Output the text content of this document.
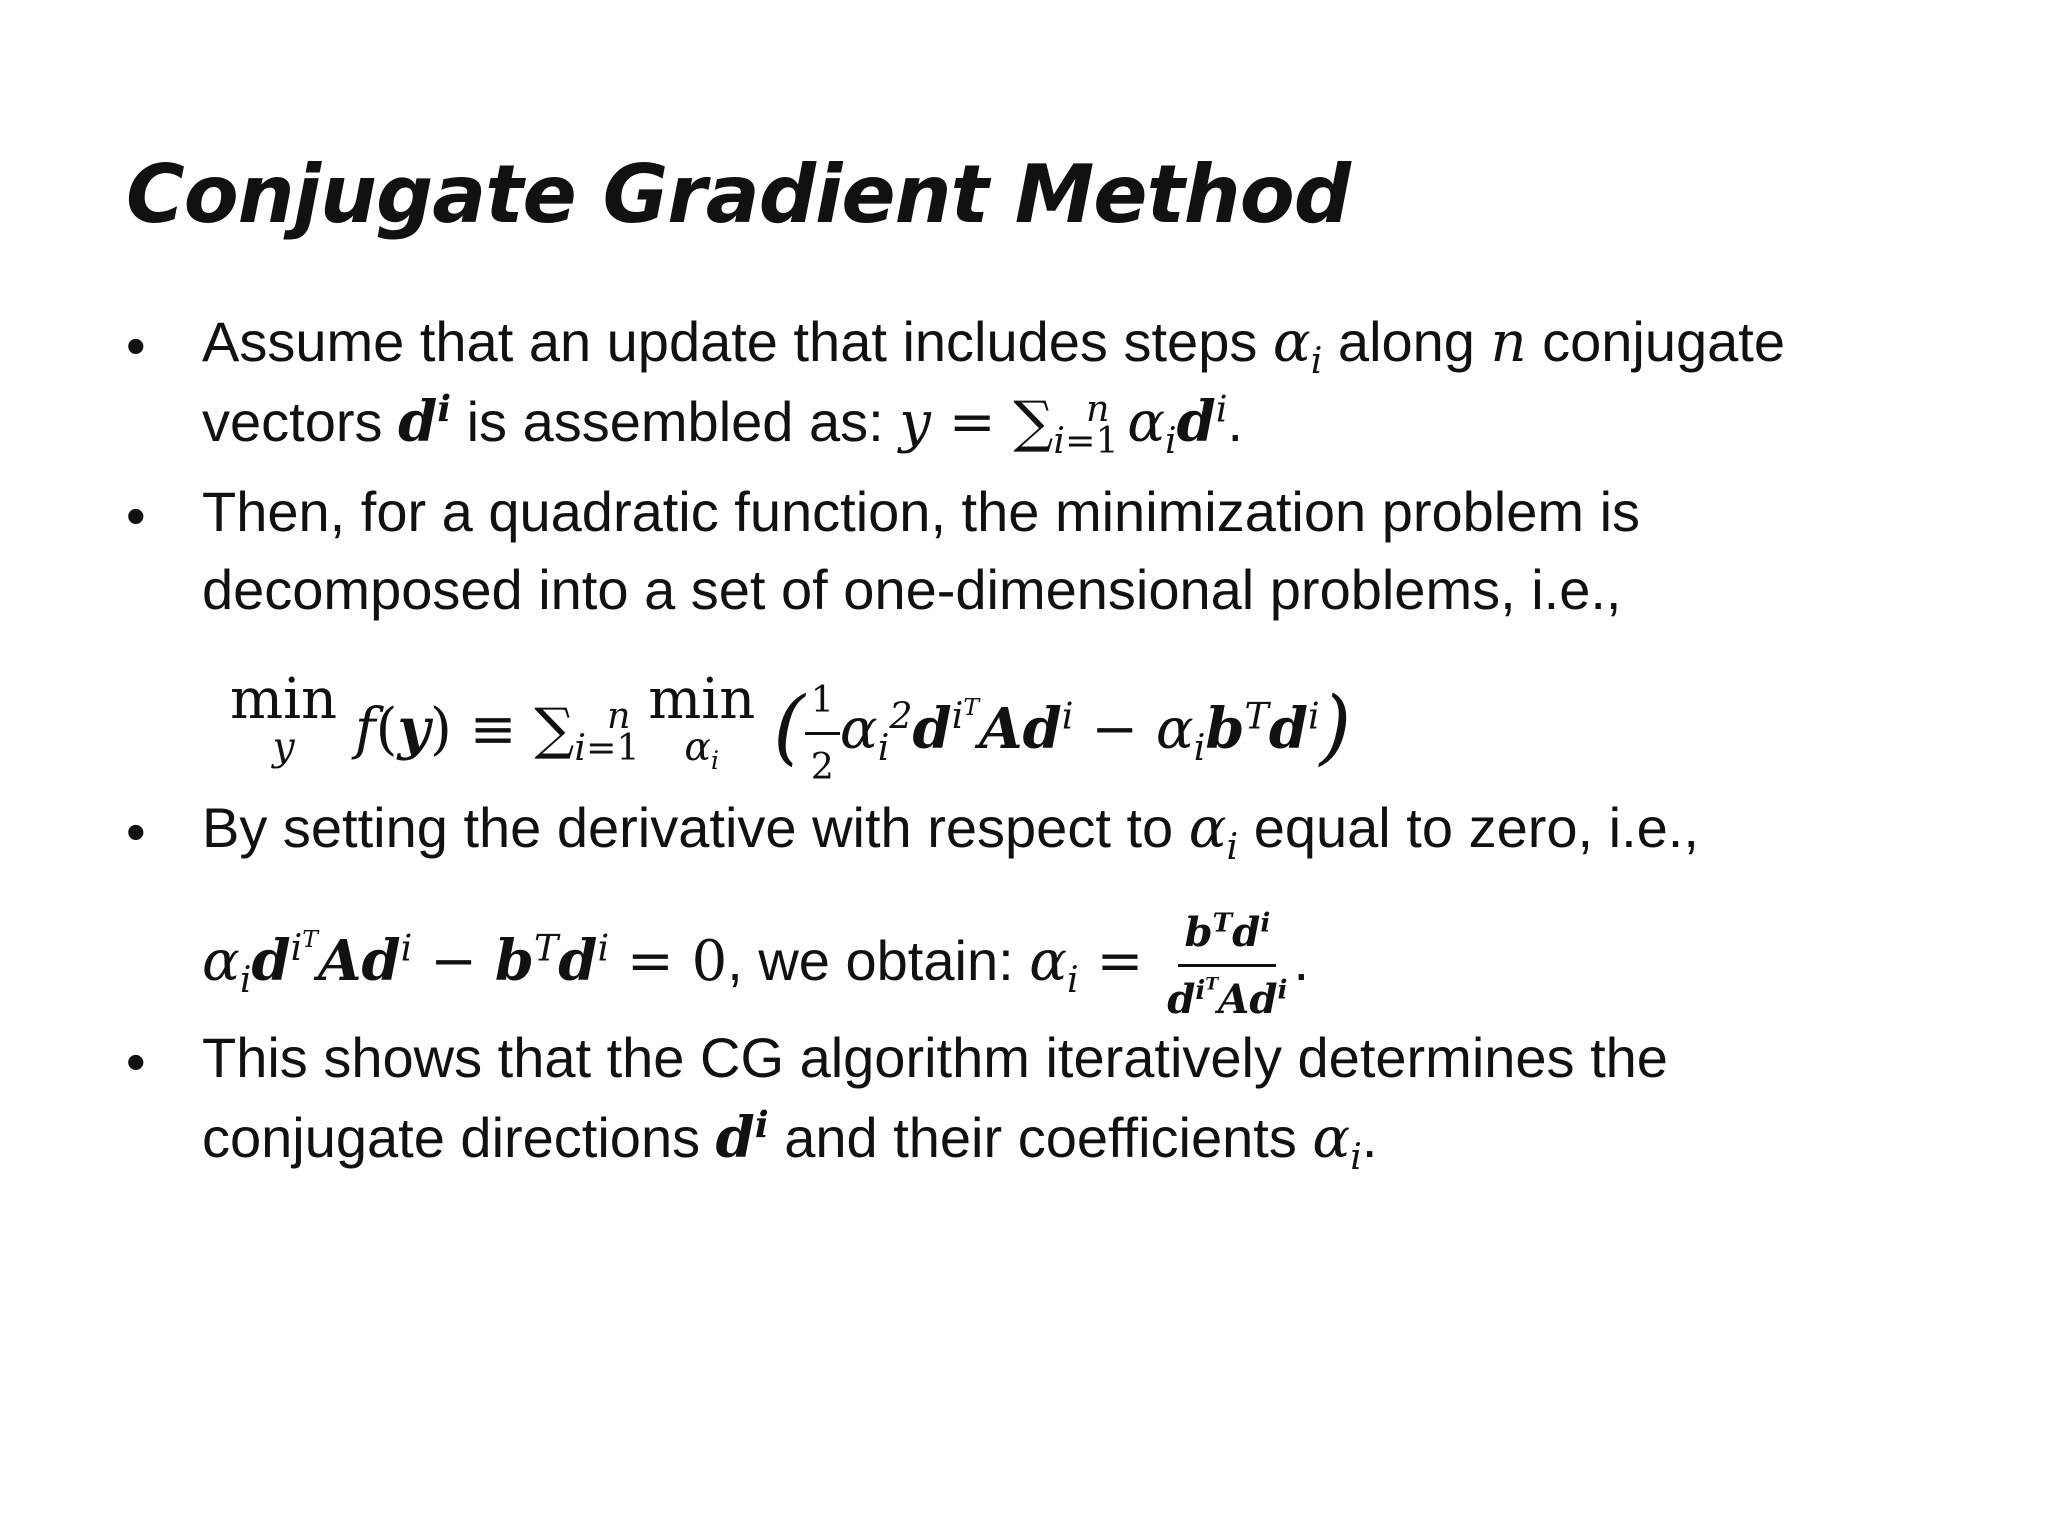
Conjugate Gradient Method
• Assume that an update that includes steps $\alpha_i$ along n conjugate
vectors $d^i$ is assembled as: $y = \sum_{i=1}^n$ $\alpha_id^i$.
• Then, for a quadratic function, the minimization problem is
decomposed into a set of one-dimensional problems, i.e.,
min
y $f(y) \equiv \sum_{i=1}^n$ min
$\alpha_i$ ( $\frac{1}{2} \alpha_i^2d^{i^T}Ad^i - \alpha_ib^Td^i$)
• By setting the derivative with respect to $\alpha_i$ equal to zero, i.e.,
$\alpha_id^{i^T}Ad^i - b^Td^i = 0$, we obtain: $\alpha_i = \frac{b^Td^i}{d^{i^T}Ad^i}$ .
• This shows that the CG algorithm iteratively determines the
conjugate directions $d^i$ and their coefficients $\alpha_i$.
